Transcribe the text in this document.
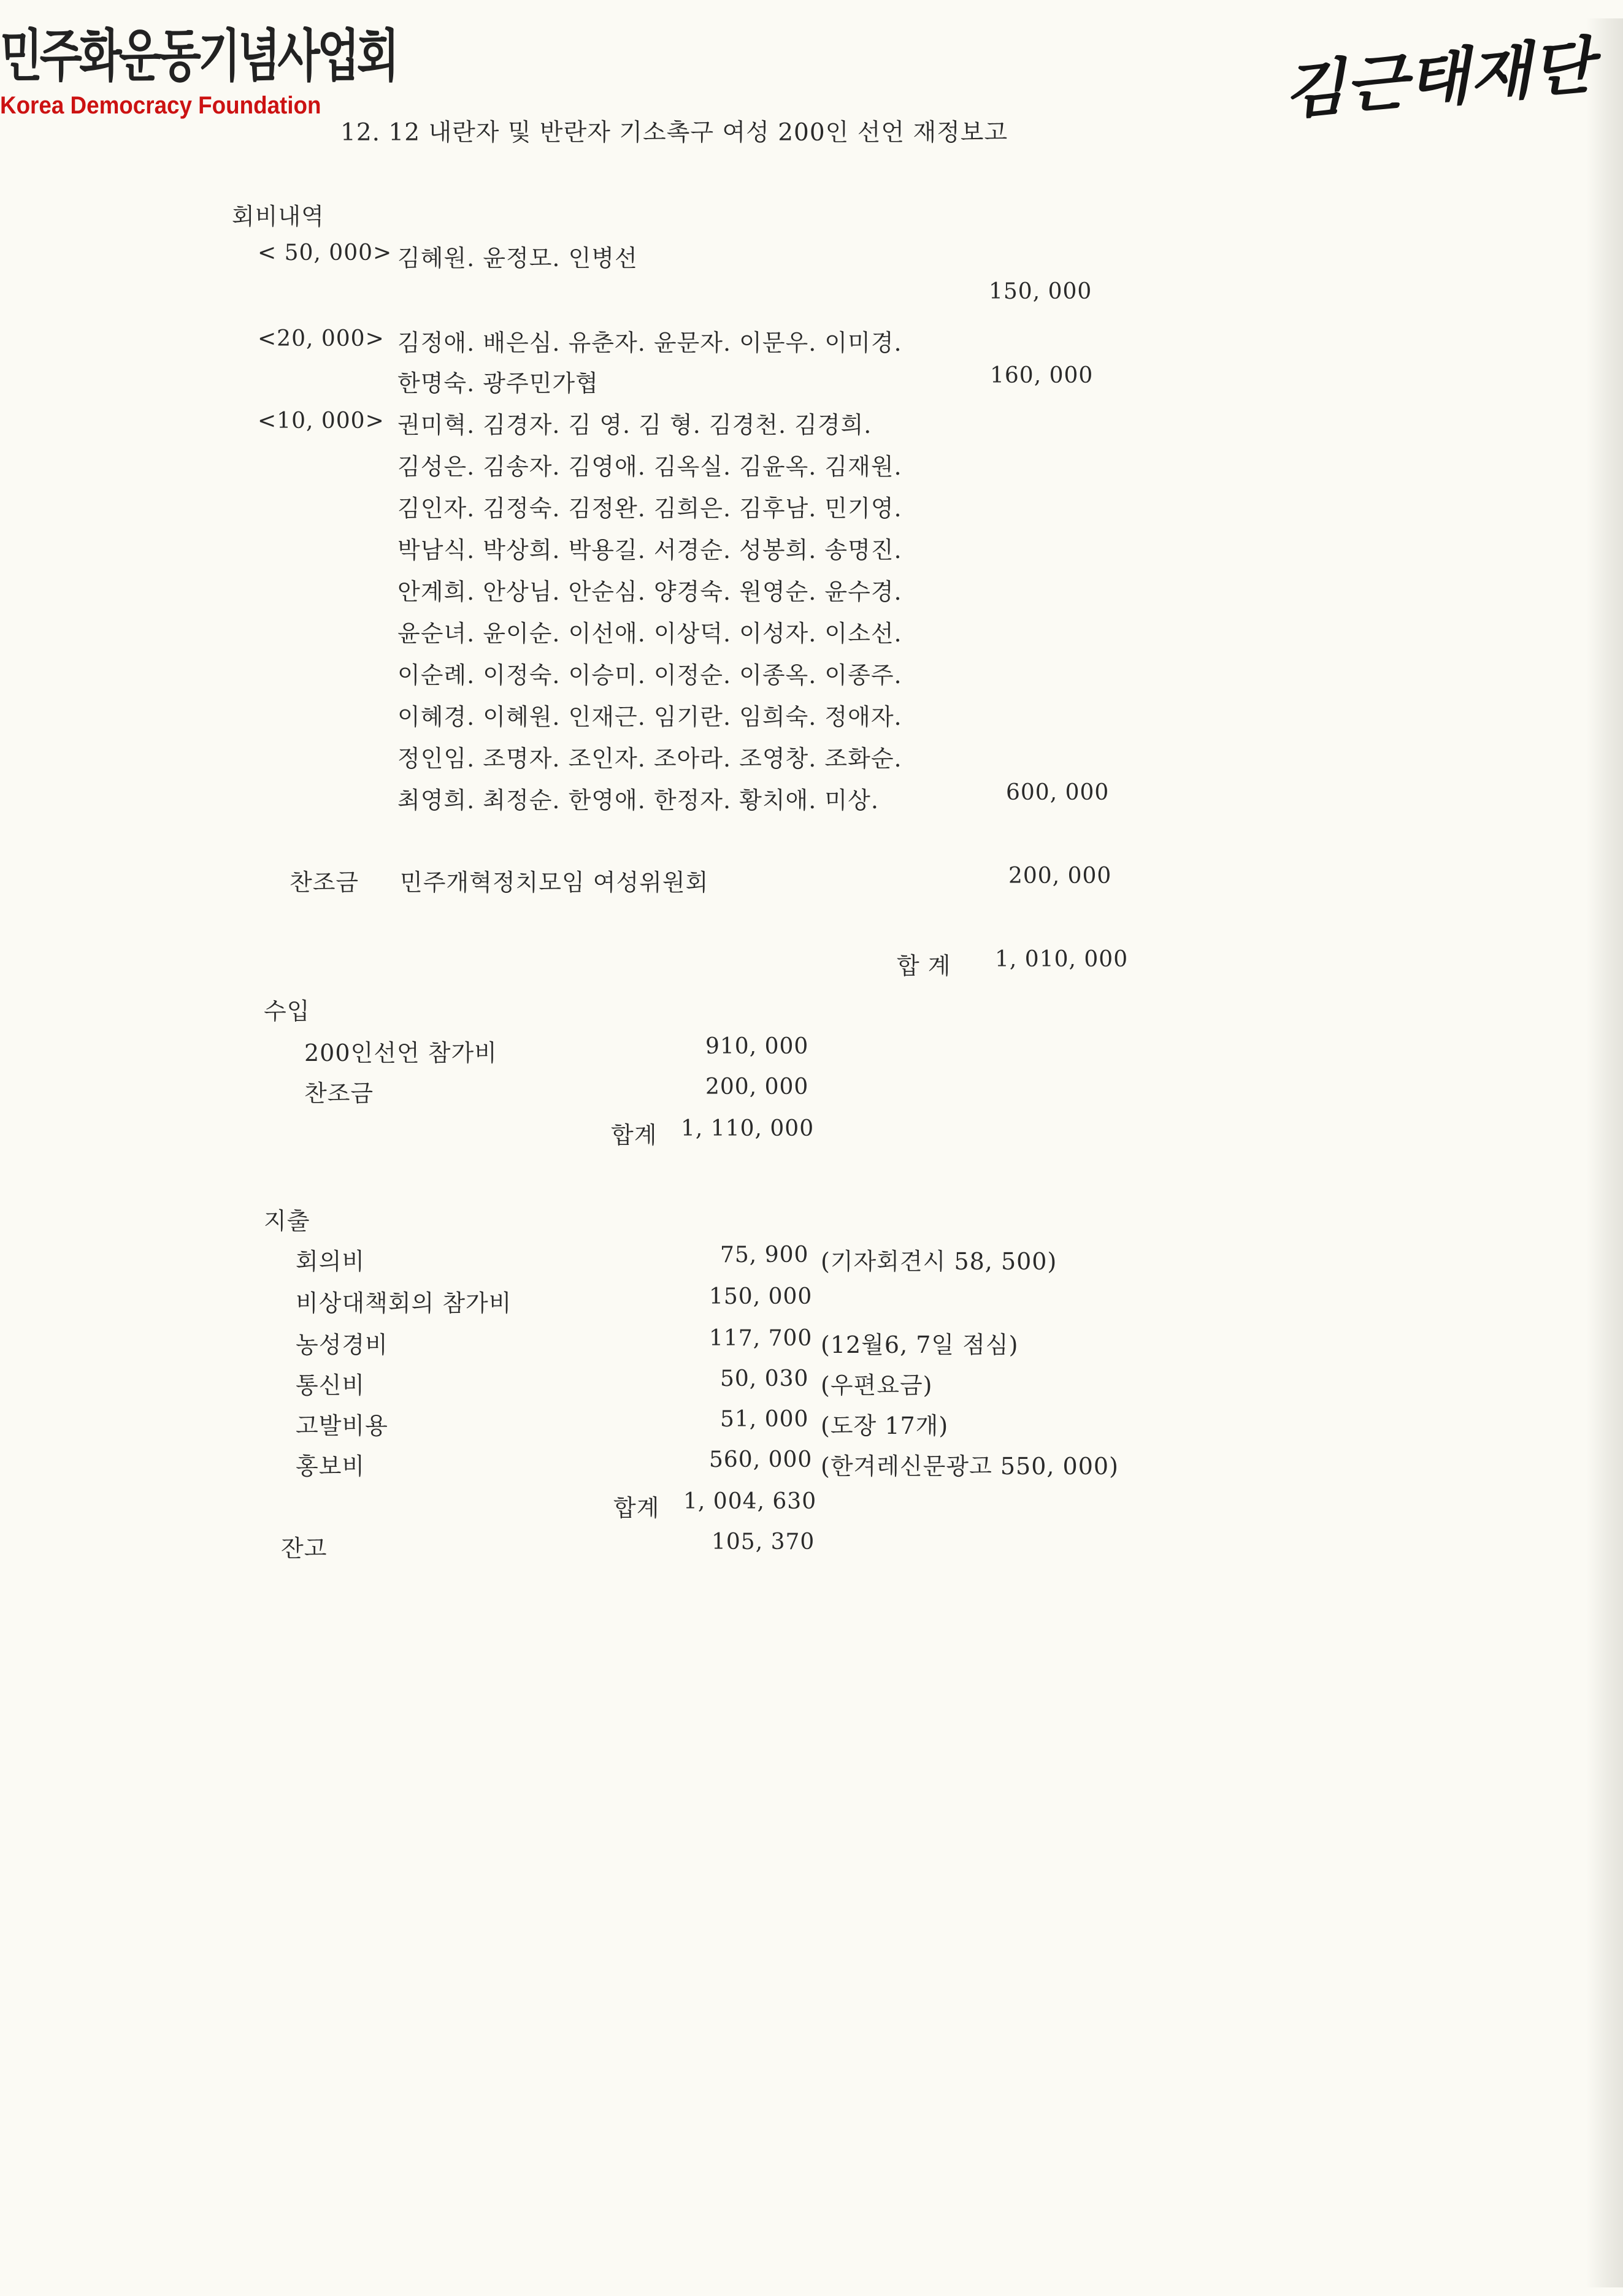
민주화운동기념사업회
Korea Democracy Foundation	김근태재단
12. 12 내란자 및 반란자 기소촉구 여성 200인 선언 재정보고
회비내역
< 50, 000> 김혜원. 윤정모. 인병선
150, 000
<20, 000> 김정애. 배은심. 유춘자. 윤문자. 이문우. 이미경.
한명숙. 광주민가협	160, 000
<10, 000> 권미혁. 김경자. 김 영. 김 형. 김경천. 김경희.
김성은. 김송자. 김영애. 김옥실. 김윤옥. 김재원.
김인자. 김정숙. 김정완. 김희은. 김후남. 민기영.
박남식. 박상희. 박용길. 서경순. 성봉희. 송명진.
안계희. 안상님. 안순심. 양경숙. 원영순. 윤수경.
윤순녀. 윤이순. 이선애. 이상덕. 이성자. 이소선.
이순례. 이정숙. 이승미. 이정순. 이종옥. 이종주.
이혜경. 이혜원. 인재근. 임기란. 임희숙. 정애자.
정인임. 조명자. 조인자. 조아라. 조영창. 조화순.
최영희. 최정순. 한영애. 한정자. 황치애. 미상.	600, 000
찬조금 민주개혁정치모임 여성위원회	200, 000
합 계 1, 010, 000
수입
200인선언 참가비	910, 000
찬조금	200, 000
합계 1, 110, 000
지출
회의비	75, 900 (기자회견시 58, 500)
비상대책회의 참가비	150, 000
농성경비	117, 700 (12월6, 7일 점심)
통신비	50, 030 (우편요금)
고발비용	51, 000 (도장 17개)
홍보비	560, 000 (한겨레신문광고 550, 000)
합계 1, 004, 630
잔고	105, 370
